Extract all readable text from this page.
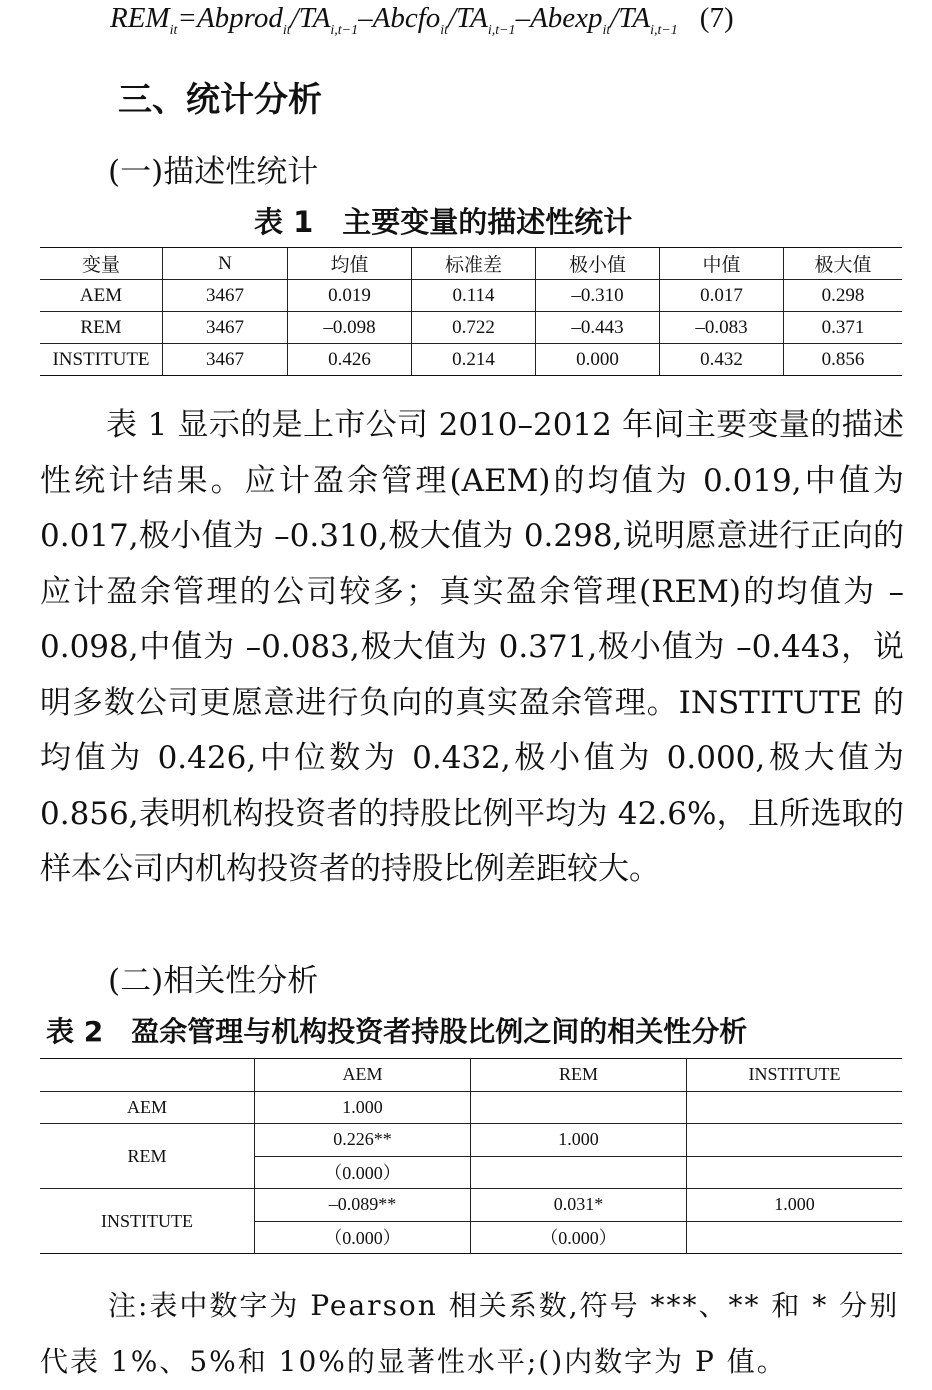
$REM_{it}=Abprod_{it}/TA_{i,t-1}-Abcfo_{it}/TA_{i,t-1}-Abexp_{it}/TA_{i,t-1}$ (7)
三、统计分析
(一)描述性统计
表 1　主要变量的描述性统计
变量	N	均值	标准差	极小值	中值	极大值
AEM	3467	0.019	0.114	–0.310	0.017	0.298
REM	3467	–0.098	0.722	–0.443	–0.083	0.371
INSTITUTE	3467	0.426	0.214	0.000	0.432	0.856
表 1 显示的是上市公司 2010–2012 年间主要变量的描述性统计结果。应计盈余管理(AEM)的均值为 0.019,中值为 0.017,极小值为 –0.310,极大值为 0.298,说明愿意进行正向的应计盈余管理的公司较多；真实盈余管理(REM)的均值为 –0.098,中值为 –0.083,极大值为 0.371,极小值为 –0.443，说明多数公司更愿意进行负向的真实盈余管理。INSTITUTE 的均值为 0.426,中位数为 0.432,极小值为 0.000,极大值为 0.856,表明机构投资者的持股比例平均为 42.6%，且所选取的样本公司内机构投资者的持股比例差距较大。
(二)相关性分析
表 2　盈余管理与机构投资者持股比例之间的相关性分析
	AEM	REM	INSTITUTE
AEM	1.000		
REM	0.226**	1.000	
	（0.000）		
INSTITUTE	–0.089**	0.031*	1.000
	（0.000）	（0.000）	
注:表中数字为 Pearson 相关系数,符号 ***、** 和 * 分别代表 1%、5%和 10%的显著性水平;()内数字为 P 值。
